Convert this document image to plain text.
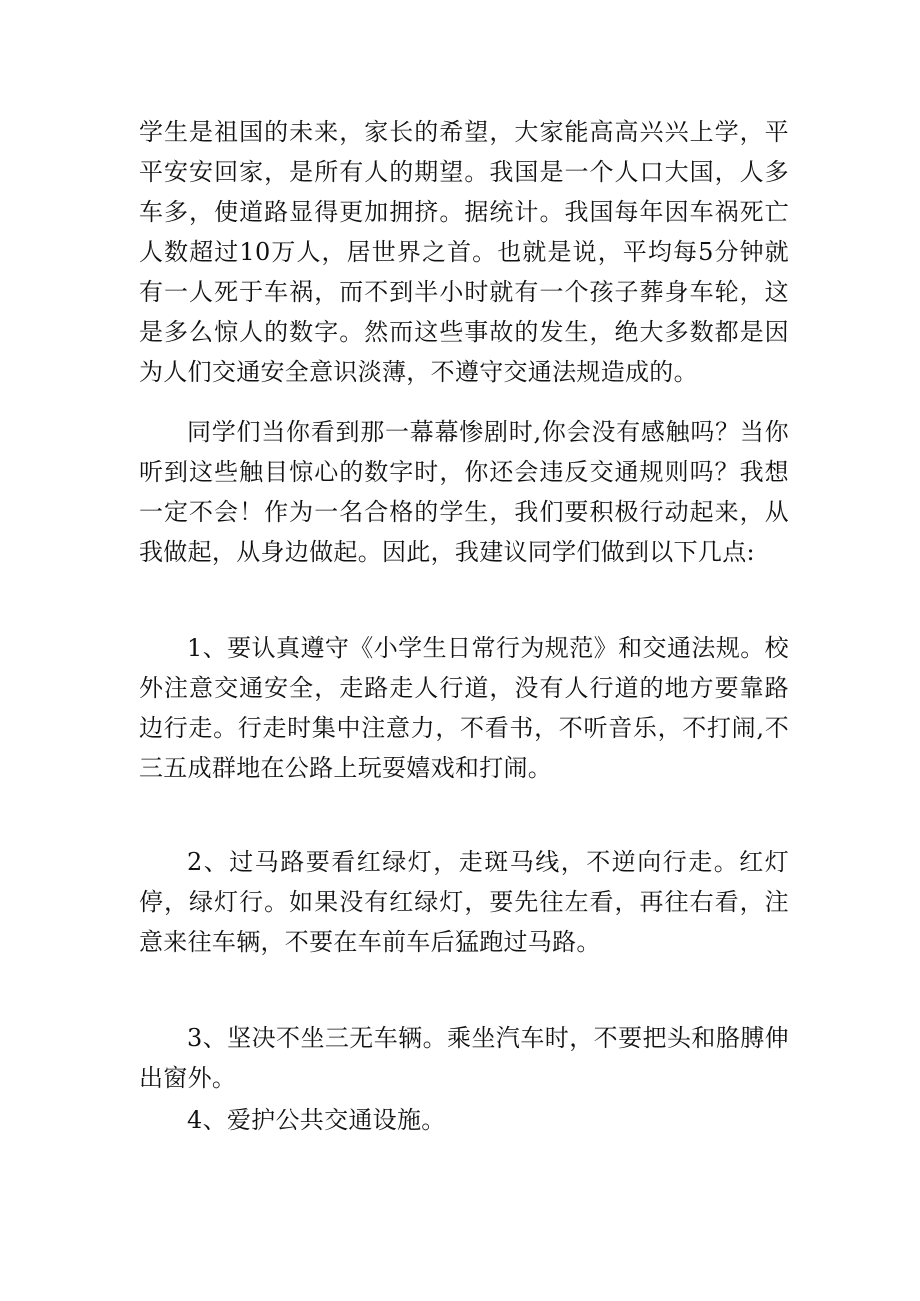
学生是祖国的未来，家长的希望，大家能高高兴兴上学，平平安安回家，是所有人的期望。我国是一个人口大国，人多车多，使道路显得更加拥挤。据统计。我国每年因车祸死亡人数超过10万人，居世界之首。也就是说，平均每5分钟就有一人死于车祸，而不到半小时就有一个孩子葬身车轮，这是多么惊人的数字。然而这些事故的发生，绝大多数都是因为人们交通安全意识淡薄，不遵守交通法规造成的。

同学们当你看到那一幕幕惨剧时,你会没有感触吗？当你听到这些触目惊心的数字时，你还会违反交通规则吗？我想一定不会！作为一名合格的学生，我们要积极行动起来，从我做起，从身边做起。因此，我建议同学们做到以下几点:

1、要认真遵守《小学生日常行为规范》和交通法规。校外注意交通安全，走路走人行道，没有人行道的地方要靠路边行走。行走时集中注意力，不看书，不听音乐，不打闹,不三五成群地在公路上玩耍嬉戏和打闹。

2、过马路要看红绿灯，走斑马线，不逆向行走。红灯停，绿灯行。如果没有红绿灯，要先往左看，再往右看，注意来往车辆，不要在车前车后猛跑过马路。

3、坚决不坐三无车辆。乘坐汽车时，不要把头和胳膊伸出窗外。

4、爱护公共交通设施。
